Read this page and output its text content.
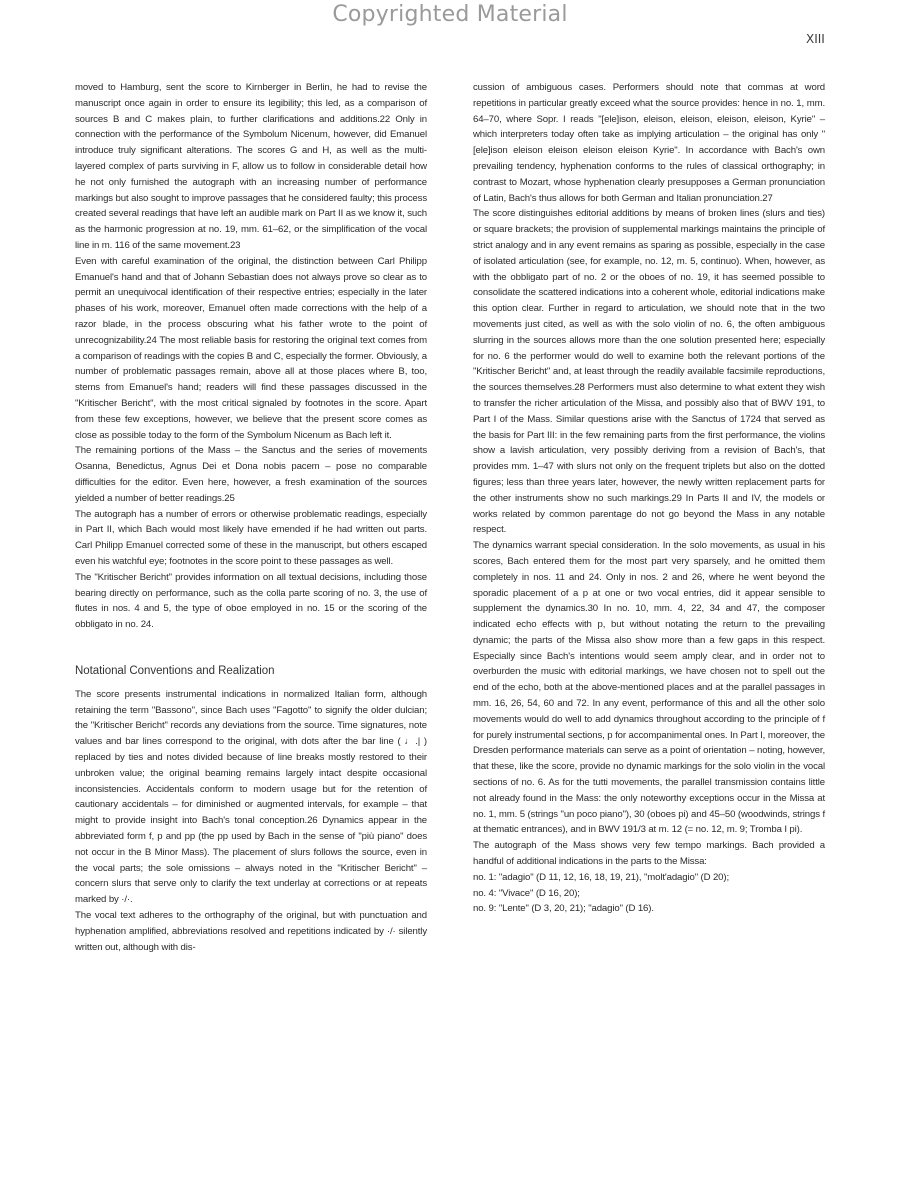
Copyrighted Material
XIII

moved to Hamburg, sent the score to Kirnberger in Berlin, he had to revise the manuscript once again in order to ensure its legibility; this led, as a comparison of sources B and C makes plain, to further clarifications and additions.22 Only in connection with the performance of the Symbolum Nicenum, however, did Emanuel introduce truly significant alterations. The scores G and H, as well as the multi-layered complex of parts surviving in F, allow us to follow in considerable detail how he not only furnished the autograph with an increasing number of performance markings but also sought to improve passages that he considered faulty; this process created several readings that have left an audible mark on Part II as we know it, such as the harmonic progression at no. 19, mm. 61–62, or the simplification of the vocal line in m. 116 of the same movement.23

Even with careful examination of the original, the distinction between Carl Philipp Emanuel's hand and that of Johann Sebastian does not always prove so clear as to permit an unequivocal identification of their respective entries; especially in the later phases of his work, moreover, Emanuel often made corrections with the help of a razor blade, in the process obscuring what his father wrote to the point of unrecognizability.24 The most reliable basis for restoring the original text comes from a comparison of readings with the copies B and C, especially the former. Obviously, a number of problematic passages remain, above all at those places where B, too, stems from Emanuel's hand; readers will find these passages discussed in the "Kritischer Bericht", with the most critical signaled by footnotes in the score. Apart from these few exceptions, however, we believe that the present score comes as close as possible today to the form of the Symbolum Nicenum as Bach left it.

The remaining portions of the Mass – the Sanctus and the series of movements Osanna, Benedictus, Agnus Dei et Dona nobis pacem – pose no comparable difficulties for the editor. Even here, however, a fresh examination of the sources yielded a number of better readings.25

The autograph has a number of errors or otherwise problematic readings, especially in Part II, which Bach would most likely have emended if he had written out parts. Carl Philipp Emanuel corrected some of these in the manuscript, but others escaped even his watchful eye; footnotes in the score point to these passages as well.

The "Kritischer Bericht" provides information on all textual decisions, including those bearing directly on performance, such as the colla parte scoring of no. 3, the use of flutes in nos. 4 and 5, the type of oboe employed in no. 15 or the scoring of the obbligato in no. 24.

Notational Conventions and Realization

The score presents instrumental indications in normalized Italian form, although retaining the term "Bassono", since Bach uses "Fagotto" to signify the older dulcian; the "Kritischer Bericht" records any deviations from the source. Time signatures, note values and bar lines correspond to the original, with dots after the bar line ( ♩.| ) replaced by ties and notes divided because of line breaks mostly restored to their unbroken value; the original beaming remains largely intact despite occasional inconsistencies. Accidentals conform to modern usage but for the retention of cautionary accidentals – for diminished or augmented intervals, for example – that might to provide insight into Bach's tonal conception.26 Dynamics appear in the abbreviated form f, p and pp (the pp used by Bach in the sense of "più piano" does not occur in the B Minor Mass). The placement of slurs follows the source, even in the vocal parts; the sole omissions – always noted in the "Kritischer Bericht" – concern slurs that serve only to clarify the text underlay at corrections or at repeats marked by ·/·.

The vocal text adheres to the orthography of the original, but with punctuation and hyphenation amplified, abbreviations resolved and repetitions indicated by ·/· silently written out, although with dis-

cussion of ambiguous cases. Performers should note that commas at word repetitions in particular greatly exceed what the source provides: hence in no. 1, mm. 64–70, where Sopr. I reads "[ele]ison, eleison, eleison, eleison, eleison, Kyrie" – which interpreters today often take as implying articulation – the original has only "[ele]ison eleison eleison eleison eleison Kyrie". In accordance with Bach's own prevailing tendency, hyphenation conforms to the rules of classical orthography; in contrast to Mozart, whose hyphenation clearly presupposes a German pronunciation of Latin, Bach's thus allows for both German and Italian pronunciation.27

The score distinguishes editorial additions by means of broken lines (slurs and ties) or square brackets; the provision of supplemental markings maintains the principle of strict analogy and in any event remains as sparing as possible, especially in the case of isolated articulation (see, for example, no. 12, m. 5, continuo). When, however, as with the obbligato part of no. 2 or the oboes of no. 19, it has seemed possible to consolidate the scattered indications into a coherent whole, editorial indications make this option clear. Further in regard to articulation, we should note that in the two movements just cited, as well as with the solo violin of no. 6, the often ambiguous slurring in the sources allows more than the one solution presented here; especially for no. 6 the performer would do well to examine both the relevant portions of the "Kritischer Bericht" and, at least through the readily available facsimile reproductions, the sources themselves.28 Performers must also determine to what extent they wish to transfer the richer articulation of the Missa, and possibly also that of BWV 191, to Part I of the Mass. Similar questions arise with the Sanctus of 1724 that served as the basis for Part III: in the few remaining parts from the first performance, the violins show a lavish articulation, very possibly deriving from a revision of Bach's, that provides mm. 1–47 with slurs not only on the frequent triplets but also on the dotted figures; less than three years later, however, the newly written replacement parts for the other instruments show no such markings.29 In Parts II and IV, the models or works related by common parentage do not go beyond the Mass in any notable respect.

The dynamics warrant special consideration. In the solo movements, as usual in his scores, Bach entered them for the most part very sparsely, and he omitted them completely in nos. 11 and 24. Only in nos. 2 and 26, where he went beyond the sporadic placement of a p at one or two vocal entries, did it appear sensible to supplement the dynamics.30 In no. 10, mm. 4, 22, 34 and 47, the composer indicated echo effects with p, but without notating the return to the prevailing dynamic; the parts of the Missa also show more than a few gaps in this respect. Especially since Bach's intentions would seem amply clear, and in order not to overburden the music with editorial markings, we have chosen not to spell out the end of the echo, both at the above-mentioned places and at the parallel passages in mm. 16, 26, 54, 60 and 72. In any event, performance of this and all the other solo movements would do well to add dynamics throughout according to the principle of f for purely instrumental sections, p for accompanimental ones. In Part I, moreover, the Dresden performance materials can serve as a point of orientation – noting, however, that these, like the score, provide no dynamic markings for the solo violin in the vocal sections of no. 6. As for the tutti movements, the parallel transmission contains little not already found in the Mass: the only noteworthy exceptions occur in the Missa at no. 1, mm. 5 (strings "un poco piano"), 30 (oboes pi) and 45–50 (woodwinds, strings f at thematic entrances), and in BWV 191/3 at m. 12 (= no. 12, m. 9; Tromba I pi).

The autograph of the Mass shows very few tempo markings. Bach provided a handful of additional indications in the parts to the Missa:

no. 1: "adagio" (D 11, 12, 16, 18, 19, 21), "molt'adagio" (D 20);
no. 4: "Vivace" (D 16, 20);
no. 9: "Lente" (D 3, 20, 21); "adagio" (D 16).
